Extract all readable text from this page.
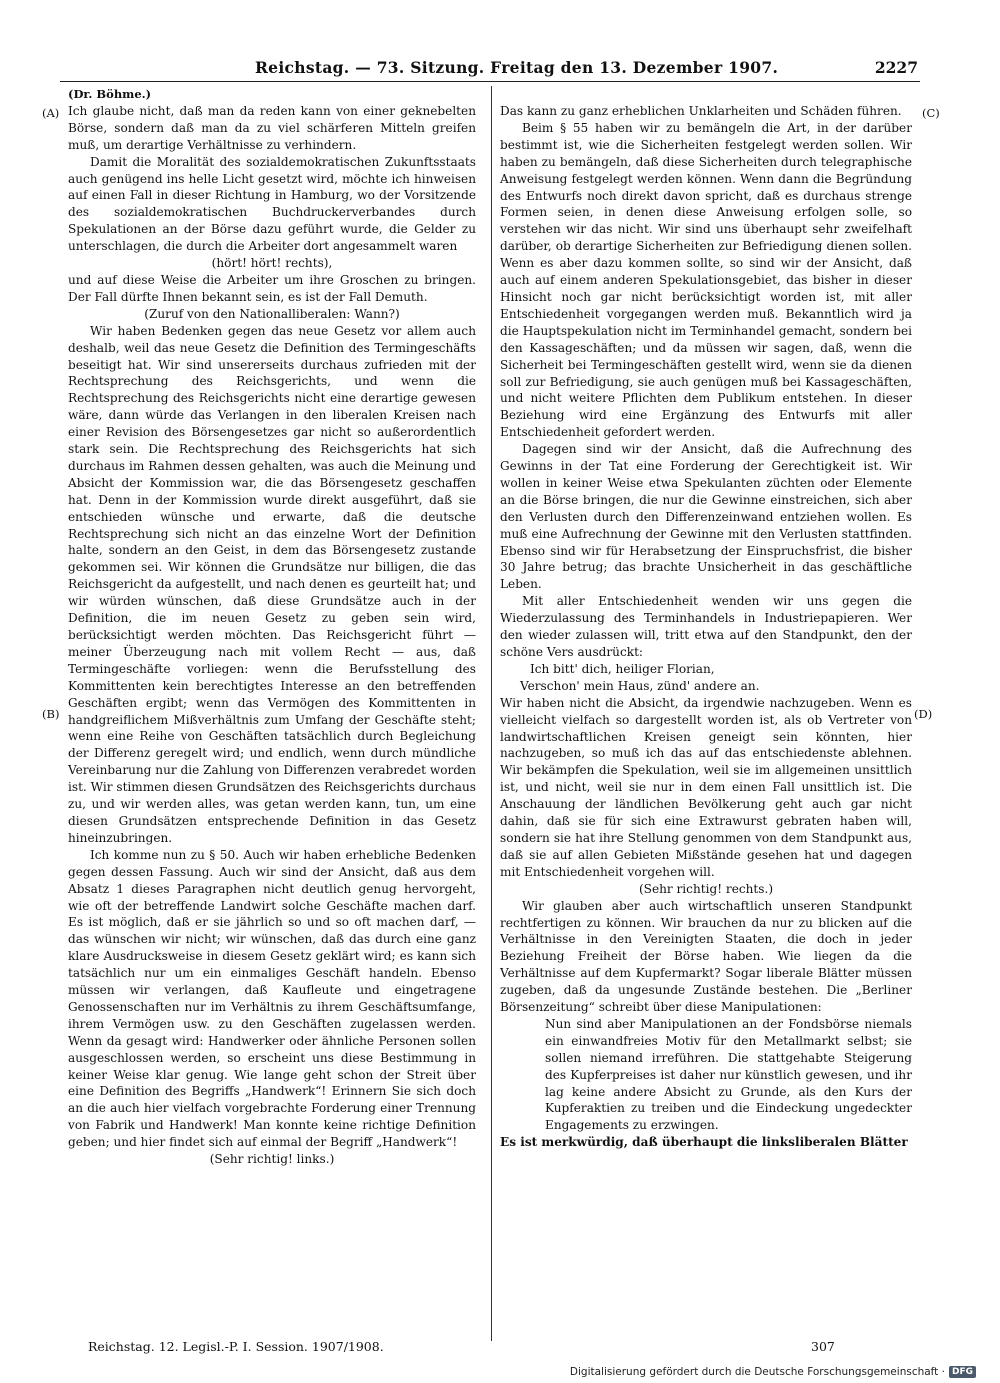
Reichstag. — 73. Sitzung. Freitag den 13. Dezember 1907.	2227
(A)
(B)
(C)
(D)

(Dr. Böhme.)

Ich glaube nicht, daß man da reden kann von einer geknebelten Börse, sondern daß man da zu viel schärferen Mitteln greifen muß, um derartige Verhältnisse zu verhindern.

Damit die Moralität des sozialdemokratischen Zukunftsstaats auch genügend ins helle Licht gesetzt wird, möchte ich hinweisen auf einen Fall in dieser Richtung in Hamburg, wo der Vorsitzende des sozialdemokratischen Buchdruckerverbandes durch Spekulationen an der Börse dazu geführt wurde, die Gelder zu unterschlagen, die durch die Arbeiter dort angesammelt waren

(hört! hört! rechts),

und auf diese Weise die Arbeiter um ihre Groschen zu bringen. Der Fall dürfte Ihnen bekannt sein, es ist der Fall Demuth.

(Zuruf von den Nationalliberalen: Wann?)

Wir haben Bedenken gegen das neue Gesetz vor allem auch deshalb, weil das neue Gesetz die Definition des Termingeschäfts beseitigt hat. Wir sind unsererseits durchaus zufrieden mit der Rechtsprechung des Reichsgerichts, und wenn die Rechtsprechung des Reichsgerichts nicht eine derartige gewesen wäre, dann würde das Verlangen in den liberalen Kreisen nach einer Revision des Börsengesetzes gar nicht so außerordentlich stark sein. Die Rechtsprechung des Reichsgerichts hat sich durchaus im Rahmen dessen gehalten, was auch die Meinung und Absicht der Kommission war, die das Börsengesetz geschaffen hat. Denn in der Kommission wurde direkt ausgeführt, daß sie entschieden wünsche und erwarte, daß die deutsche Rechtsprechung sich nicht an das einzelne Wort der Definition halte, sondern an den Geist, in dem das Börsengesetz zustande gekommen sei. Wir können die Grundsätze nur billigen, die das Reichsgericht da aufgestellt, und nach denen es geurteilt hat; und wir würden wünschen, daß diese Grundsätze auch in der Definition, die im neuen Gesetz zu geben sein wird, berücksichtigt werden möchten. Das Reichsgericht führt — meiner Überzeugung nach mit vollem Recht — aus, daß Termingeschäfte vorliegen: wenn die Berufsstellung des Kommittenten kein berechtigtes Interesse an den betreffenden Geschäften ergibt; wenn das Vermögen des Kommittenten in handgreiflichem Mißverhältnis zum Umfang der Geschäfte steht; wenn eine Reihe von Geschäften tatsächlich durch Begleichung der Differenz geregelt wird; und endlich, wenn durch mündliche Vereinbarung nur die Zahlung von Differenzen verabredet worden ist. Wir stimmen diesen Grundsätzen des Reichsgerichts durchaus zu, und wir werden alles, was getan werden kann, tun, um eine diesen Grundsätzen entsprechende Definition in das Gesetz hineinzubringen.

Ich komme nun zu § 50. Auch wir haben erhebliche Bedenken gegen dessen Fassung. Auch wir sind der Ansicht, daß aus dem Absatz 1 dieses Paragraphen nicht deutlich genug hervorgeht, wie oft der betreffende Landwirt solche Geschäfte machen darf. Es ist möglich, daß er sie jährlich so und so oft machen darf, — das wünschen wir nicht; wir wünschen, daß das durch eine ganz klare Ausdrucksweise in diesem Gesetz geklärt wird; es kann sich tatsächlich nur um ein einmaliges Geschäft handeln. Ebenso müssen wir verlangen, daß Kaufleute und eingetragene Genossenschaften nur im Verhältnis zu ihrem Geschäftsumfange, ihrem Vermögen usw. zu den Geschäften zugelassen werden. Wenn da gesagt wird: Handwerker oder ähnliche Personen sollen ausgeschlossen werden, so erscheint uns diese Bestimmung in keiner Weise klar genug. Wie lange geht schon der Streit über eine Definition des Begriffs „Handwerk“! Erinnern Sie sich doch an die auch hier vielfach vorgebrachte Forderung einer Trennung von Fabrik und Handwerk! Man konnte keine richtige Definition geben; und hier findet sich auf einmal der Begriff „Handwerk“!

(Sehr richtig! links.)

Das kann zu ganz erheblichen Unklarheiten und Schäden führen.

Beim § 55 haben wir zu bemängeln die Art, in der darüber bestimmt ist, wie die Sicherheiten festgelegt werden sollen. Wir haben zu bemängeln, daß diese Sicherheiten durch telegraphische Anweisung festgelegt werden können. Wenn dann die Begründung des Entwurfs noch direkt davon spricht, daß es durchaus strenge Formen seien, in denen diese Anweisung erfolgen solle, so verstehen wir das nicht. Wir sind uns überhaupt sehr zweifelhaft darüber, ob derartige Sicherheiten zur Befriedigung dienen sollen. Wenn es aber dazu kommen sollte, so sind wir der Ansicht, daß auch auf einem anderen Spekulationsgebiet, das bisher in dieser Hinsicht noch gar nicht berücksichtigt worden ist, mit aller Entschiedenheit vorgegangen werden muß. Bekanntlich wird ja die Hauptspekulation nicht im Terminhandel gemacht, sondern bei den Kassageschäften; und da müssen wir sagen, daß, wenn die Sicherheit bei Termingeschäften gestellt wird, wenn sie da dienen soll zur Befriedigung, sie auch genügen muß bei Kassageschäften, und nicht weitere Pflichten dem Publikum entstehen. In dieser Beziehung wird eine Ergänzung des Entwurfs mit aller Entschiedenheit gefordert werden.

Dagegen sind wir der Ansicht, daß die Aufrechnung des Gewinns in der Tat eine Forderung der Gerechtigkeit ist. Wir wollen in keiner Weise etwa Spekulanten züchten oder Elemente an die Börse bringen, die nur die Gewinne einstreichen, sich aber den Verlusten durch den Differenzeinwand entziehen wollen. Es muß eine Aufrechnung der Gewinne mit den Verlusten stattfinden. Ebenso sind wir für Herabsetzung der Einspruchsfrist, die bisher 30 Jahre betrug; das brachte Unsicherheit in das geschäftliche Leben.

Mit aller Entschiedenheit wenden wir uns gegen die Wiederzulassung des Terminhandels in Industriepapieren. Wer den wieder zulassen will, tritt etwa auf den Standpunkt, den der schöne Vers ausdrückt:

Ich bitt' dich, heiliger Florian,

Verschon' mein Haus, zünd' andere an.

Wir haben nicht die Absicht, da irgendwie nachzugeben. Wenn es vielleicht vielfach so dargestellt worden ist, als ob Vertreter von landwirtschaftlichen Kreisen geneigt sein könnten, hier nachzugeben, so muß ich das auf das entschiedenste ablehnen. Wir bekämpfen die Spekulation, weil sie im allgemeinen unsittlich ist, und nicht, weil sie nur in dem einen Fall unsittlich ist. Die Anschauung der ländlichen Bevölkerung geht auch gar nicht dahin, daß sie für sich eine Extrawurst gebraten haben will, sondern sie hat ihre Stellung genommen von dem Standpunkt aus, daß sie auf allen Gebieten Mißstände gesehen hat und dagegen mit Entschiedenheit vorgehen will.

(Sehr richtig! rechts.)

Wir glauben aber auch wirtschaftlich unseren Standpunkt rechtfertigen zu können. Wir brauchen da nur zu blicken auf die Verhältnisse in den Vereinigten Staaten, die doch in jeder Beziehung Freiheit der Börse haben. Wie liegen da die Verhältnisse auf dem Kupfermarkt? Sogar liberale Blätter müssen zugeben, daß da ungesunde Zustände bestehen. Die „Berliner Börsenzeitung“ schreibt über diese Manipulationen:

Nun sind aber Manipulationen an der Fondsbörse niemals ein einwandfreies Motiv für den Metallmarkt selbst; sie sollen niemand irreführen. Die stattgehabte Steigerung des Kupferpreises ist daher nur künstlich gewesen, und ihr lag keine andere Absicht zu Grunde, als den Kurs der Kupferaktien zu treiben und die Eindeckung ungedeckter Engagements zu erzwingen.

Es ist merkwürdig, daß überhaupt die linksliberalen Blätter

Reichstag. 12. Legisl.-P. I. Session. 1907/1908.	307
Digitalisierung gefördert durch die Deutsche Forschungsgemeinschaft · DFG
